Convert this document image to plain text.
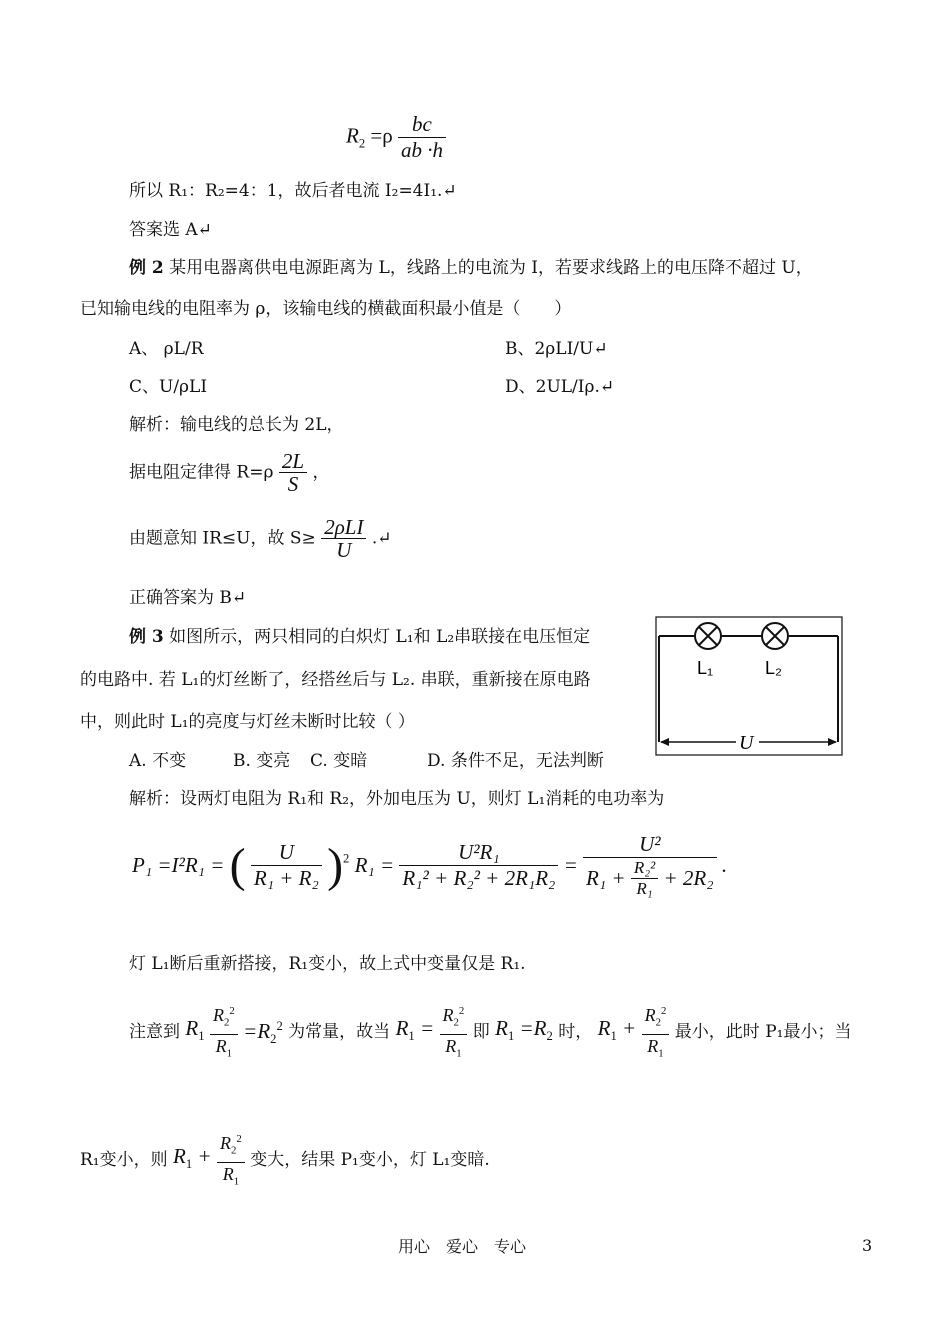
$R_2 =\rho \frac{bc}{ab \cdot h}$
所以 R₁：R₂=4：1，故后者电流 I₂=4I₁.↵
答案选 A↵
例 2 某用电器离供电电源距离为 L，线路上的电流为 I，若要求线路上的电压降不超过 U，
已知输电线的电阻率为 ρ，该输电线的横截面积最小值是（　　）
A、 ρL/R	B、2ρLI/U↵
C、U/ρLI	D、2UL/Iρ.↵
解析：输电线的总长为 2L，
据电阻定律得 $R=\rho \frac{2L}{S}$ ，
由题意知 IR≤U，故 $S\ge \frac{\text{2ρLI}}{U}$ .↵
正确答案为 B↵
例 3 如图所示，两只相同的白炽灯 L₁和 L₂串联接在电压恒定
的电路中. 若 L₁的灯丝断了，经搭丝后与 L₂. 串联，重新接在原电路
中，则此时 L₁的亮度与灯丝未断时比较（ ）
A. 不变	B. 变亮 C. 变暗	D. 条件不足，无法判断
L₁	L₂
U
解析：设两灯电阻为 R₁和 R₂，外加电压为 U，则灯 L₁消耗的电功率为
P₁ =I²R₁ = ( $\frac{U}{\text{R₁ + R₂}} )^2$ $R_1 = \frac{\text{U²R₁}}{\text{R₁² + R₂² + 2R₁R₂}} = \frac{\text{U²}}{R_1 + \frac{\text{R₂²}}{\text{R₁}} + 2R_2}$ .
灯 L₁断后重新搭接，R₁变小，故上式中变量仅是 R₁.
注意到 $R_1 \frac{R_2^2}{R_1} =R_2^2$ 为常量，故当 $R_1 = \frac{R_2^2}{R_1}$ 即 $R_1 =R_2$ 时， $R_1 + \frac{R_2^2}{R_1}$ 最小，此时 P₁最小；当
R₁变小，则 $R_1 + \frac{R_2^2}{R_1}$ 变大，结果 P₁变小，灯 L₁变暗.
用心　爱心　专心	3
